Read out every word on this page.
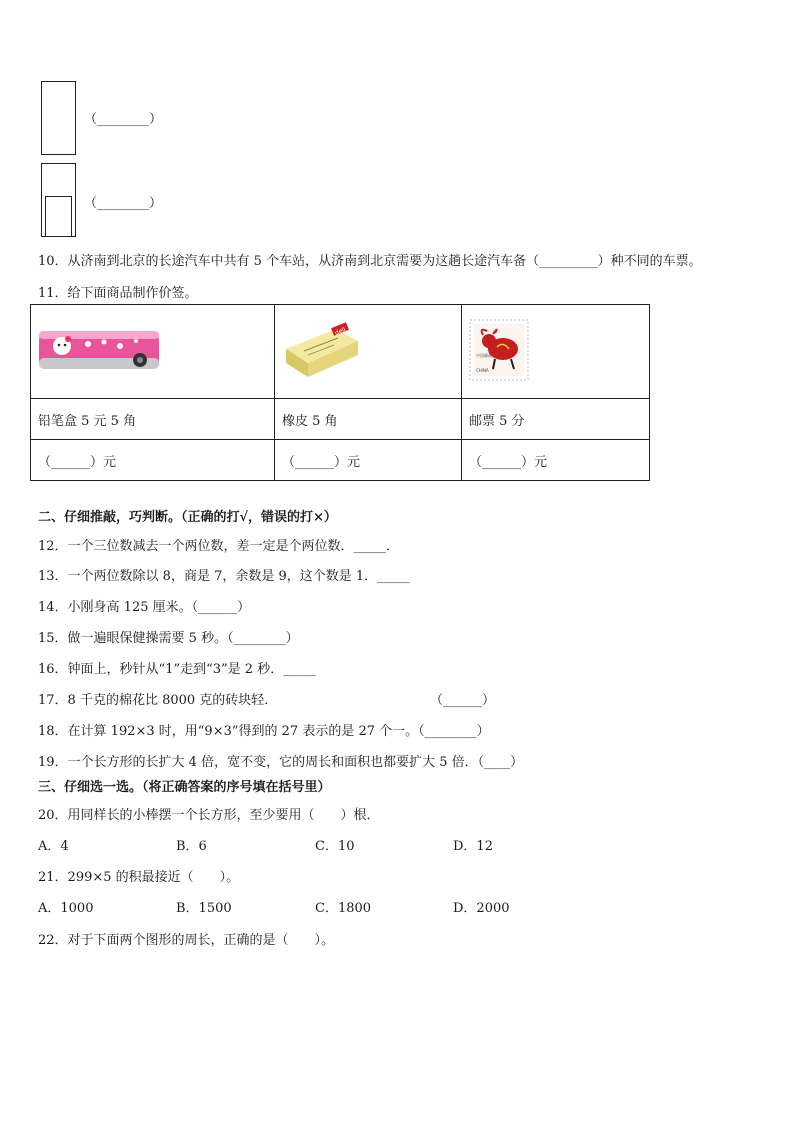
（________）
（________）
10．从济南到北京的长途汽车中共有 5 个车站，从济南到北京需要为这趟长途汽车备（_________）种不同的车票。
11．给下面商品制作价签。

deli	中国邮政
CHINA

铅笔盒 5 元 5 角	橡皮 5 角	邮票 5 分
（______）元	（______）元	（______）元
二、仔细推敲，巧判断。（正确的打√，错误的打×）
12．一个三位数减去一个两位数，差一定是个两位数．_____．
13．一个两位数除以 8，商是 7，余数是 9，这个数是 1．_____
14．小刚身高 125 厘米。（______）
15．做一遍眼保健操需要 5 秒。（________）
16．钟面上，秒针从“1”走到“3”是 2 秒．_____
17．8 千克的棉花比 8000 克的砖块轻．	（______）
18．在计算 192×3 时，用“9×3”得到的 27 表示的是 27 个一。（________）
19．一个长方形的长扩大 4 倍，宽不变，它的周长和面积也都要扩大 5 倍．（____）
三、仔细选一选。（将正确答案的序号填在括号里）
20．用同样长的小棒摆一个长方形，至少要用（　　）根．
A．4	B．6	C．10	D．12
21．299×5 的积最接近（　　）。
A．1000	B．1500	C．1800	D．2000
22．对于下面两个图形的周长，正确的是（　　）。
